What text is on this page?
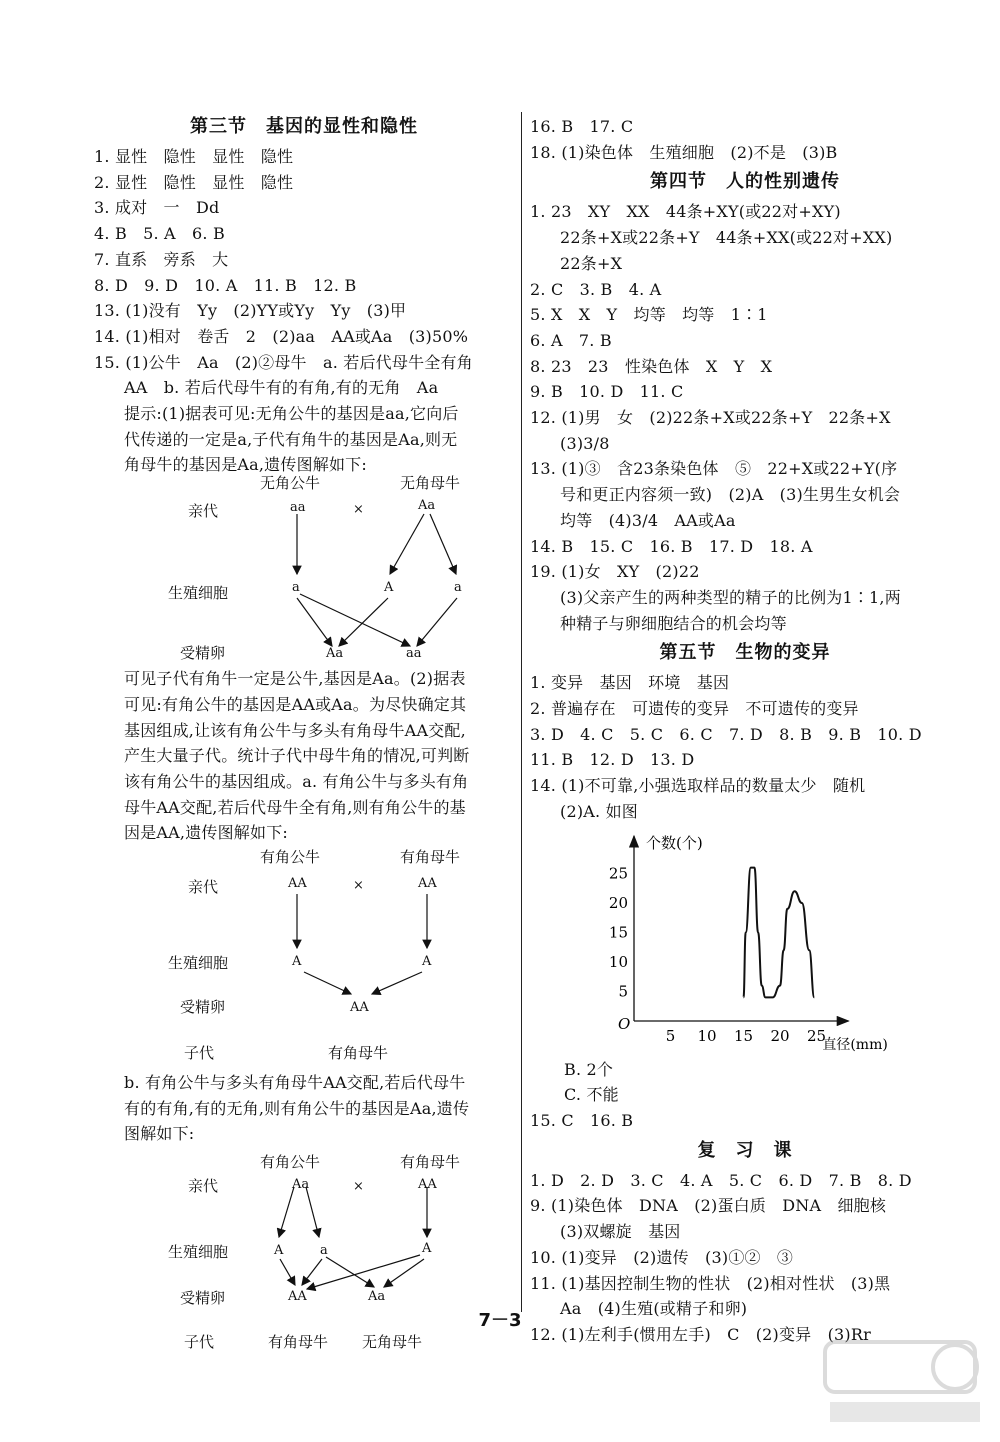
第三节　基因的显性和隐性
1. 显性　隐性　显性　隐性
2. 显性　隐性　显性　隐性
3. 成对　一　Dd
4. B　5. A　6. B
7. 直系　旁系　大
8. D　9. D　10. A　11. B　12. B
13. (1)没有　Yy　(2)YY或Yy　Yy　(3)甲
14. (1)相对　卷舌　2　(2)aa　AA或Aa　(3)50%
15. (1)公牛　Aa　(2)②母牛　a. 若后代母牛全有角
AA　b. 若后代母牛有的有角,有的无角　Aa
提示:(1)据表可见:无角公牛的基因是aa,它向后
代传递的一定是a,子代有角牛的基因是Aa,则无
角母牛的基因是Aa,遗传图解如下:
无角公牛	无角母牛
亲代	aa	×	Aa
生殖细胞	a	A	a
受精卵	Aa	aa
可见子代有角牛一定是公牛,基因是Aa。(2)据表
可见:有角公牛的基因是AA或Aa。为尽快确定其
基因组成,让该有角公牛与多头有角母牛AA交配,
产生大量子代。统计子代中母牛角的情况,可判断
该有角公牛的基因组成。a. 有角公牛与多头有角
母牛AA交配,若后代母牛全有角,则有角公牛的基
因是AA,遗传图解如下:
有角公牛	有角母牛
亲代	AA	×	AA
生殖细胞	A	A
受精卵	AA
子代	有角母牛
b. 有角公牛与多头有角母牛AA交配,若后代母牛
有的有角,有的无角,则有角公牛的基因是Aa,遗传
图解如下:
有角公牛	有角母牛
亲代	Aa	×	AA
生殖细胞	A	a	A
受精卵	AA	Aa
子代	有角母牛 无角母牛
16. B　17. C
18. (1)染色体　生殖细胞　(2)不是　(3)B
第四节　人的性别遗传
1. 23　XY　XX　44条+XY(或22对+XY)
22条+X或22条+Y　44条+XX(或22对+XX)
22条+X
2. C　3. B　4. A
5. X　X　Y　均等　均等　1∶1
6. A　7. B
8. 23　23　性染色体　X　Y　X
9. B　10. D　11. C
12. (1)男　女　(2)22条+X或22条+Y　22条+X
(3)3/8
13. (1)③　含23条染色体　⑤　22+X或22+Y(序
号和更正内容须一致)　(2)A　(3)生男生女机会
均等　(4)3/4　AA或Aa
14. B　15. C　16. B　17. D　18. A
19. (1)女　XY　(2)22
(3)父亲产生的两种类型的精子的比例为1∶1,两
种精子与卵细胞结合的机会均等
第五节　生物的变异
1. 变异　基因　环境　基因
2. 普遍存在　可遗传的变异　不可遗传的变异
3. D　4. C　5. C　6. C　7. D　8. B　9. B　10. D
11. B　12. D　13. D
14. (1)不可靠,小强选取样品的数量太少　随机
(2)A. 如图
5 10 15 20 25
5
10
15
20
25
O
个数(个)
直径(mm)
B. 2个
C. 不能
15. C　16. B
复　习　课
1. D　2. D　3. C　4. A　5. C　6. D　7. B　8. D
9. (1)染色体　DNA　(2)蛋白质　DNA　细胞核
(3)双螺旋　基因
10. (1)变异　(2)遗传　(3)①②　③
11. (1)基因控制生物的性状　(2)相对性状　(3)黑
Aa　(4)生殖(或精子和卵)
12. (1)左利手(惯用左手)　C　(2)变异　(3)Rr
7－3
